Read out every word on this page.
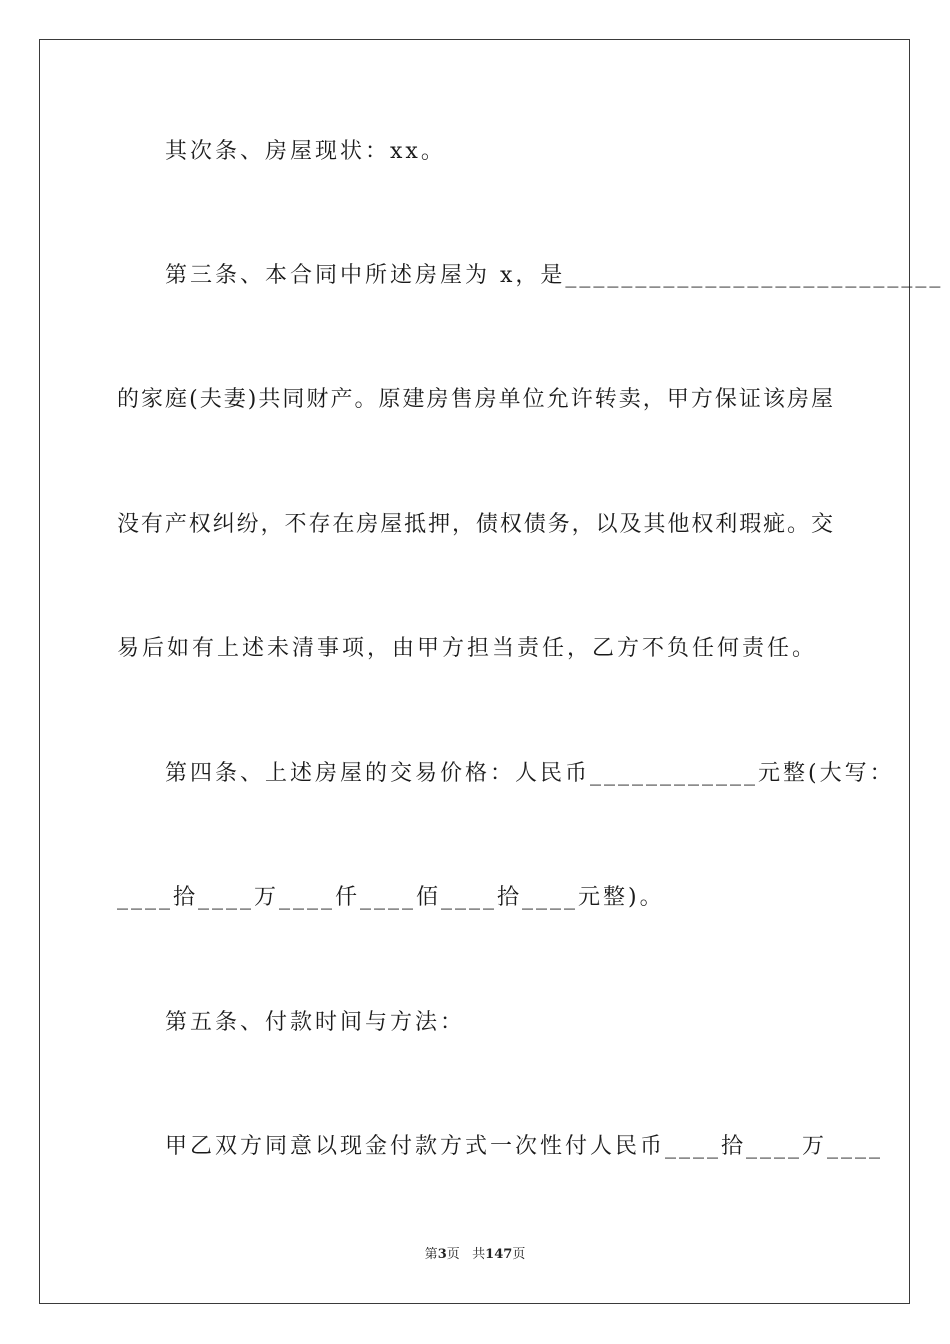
其次条、房屋现状：xx。
第三条、本合同中所述房屋为 x，是___________________________
的家庭(夫妻)共同财产。原建房售房单位允许转卖，甲方保证该房屋
没有产权纠纷，不存在房屋抵押，债权债务，以及其他权利瑕疵。交
易后如有上述未清事项，由甲方担当责任，乙方不负任何责任。
第四条、上述房屋的交易价格：人民币____________元整(大写：
____拾____万____仟____佰____拾____元整)。
第五条、付款时间与方法：
甲乙双方同意以现金付款方式一次性付人民币____拾____万____
第3页 共147页
